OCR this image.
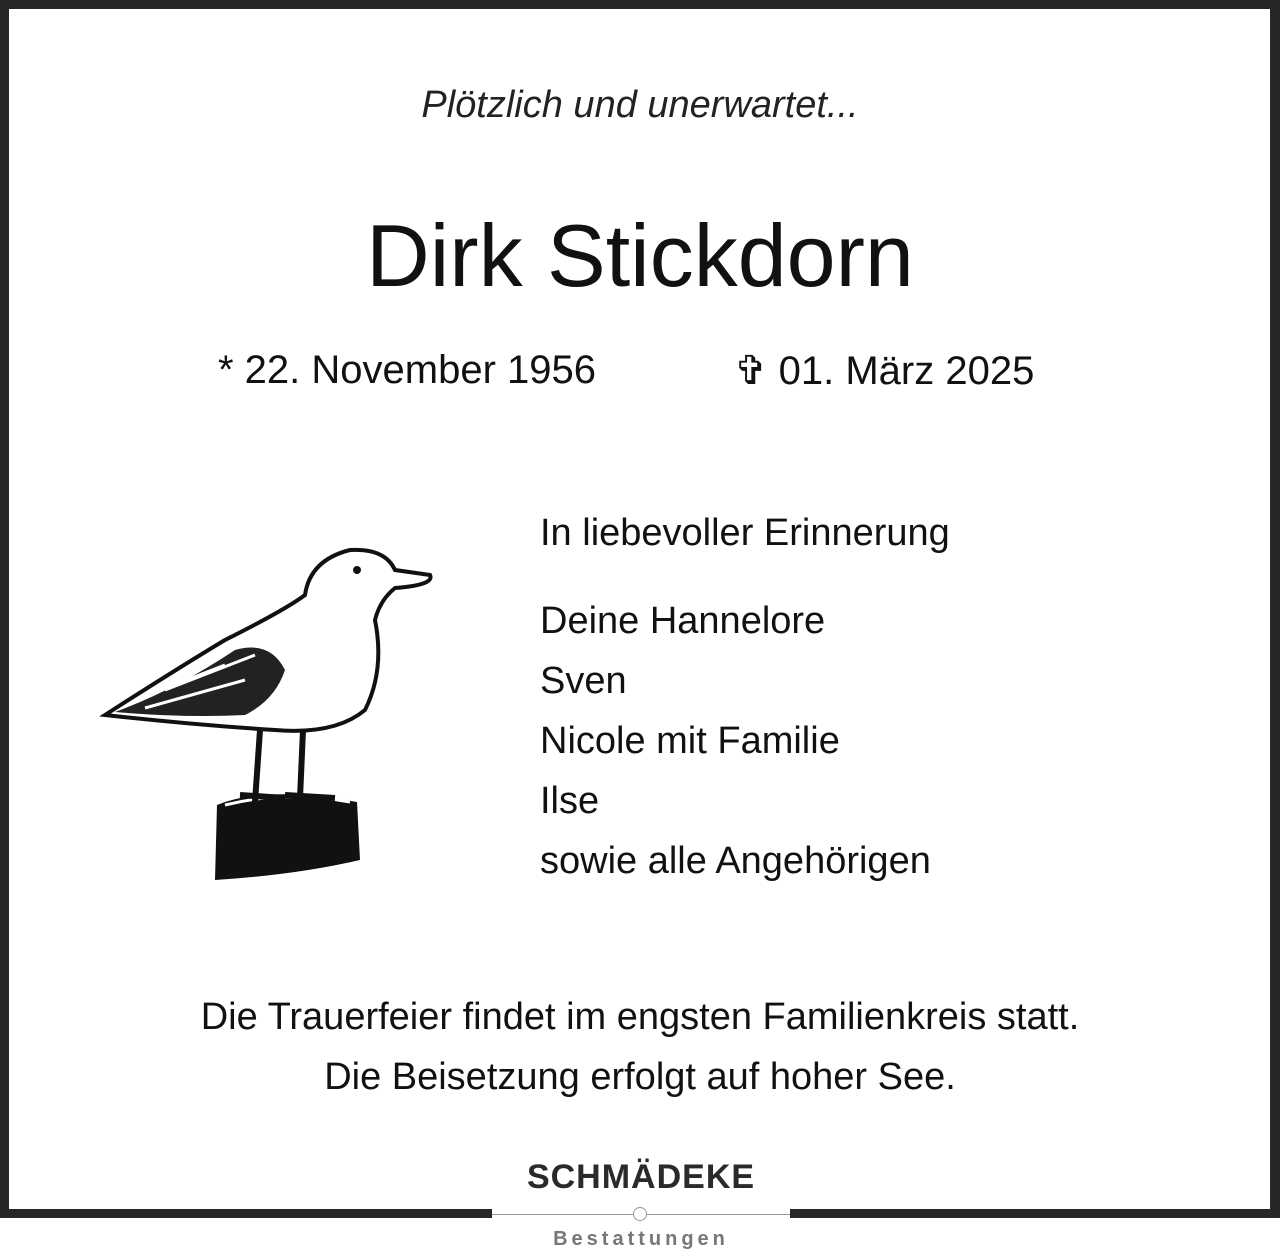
Plötzlich und unerwartet...
Dirk Stickdorn
* 22. November 1956	✞ 01. März 2025
In liebevoller Erinnerung
Deine Hannelore
Sven
Nicole mit Familie
Ilse
sowie alle Angehörigen
Die Trauerfeier findet im engsten Familienkreis statt.
Die Beisetzung erfolgt auf hoher See.
SCHMÄDEKE
Bestattungen
